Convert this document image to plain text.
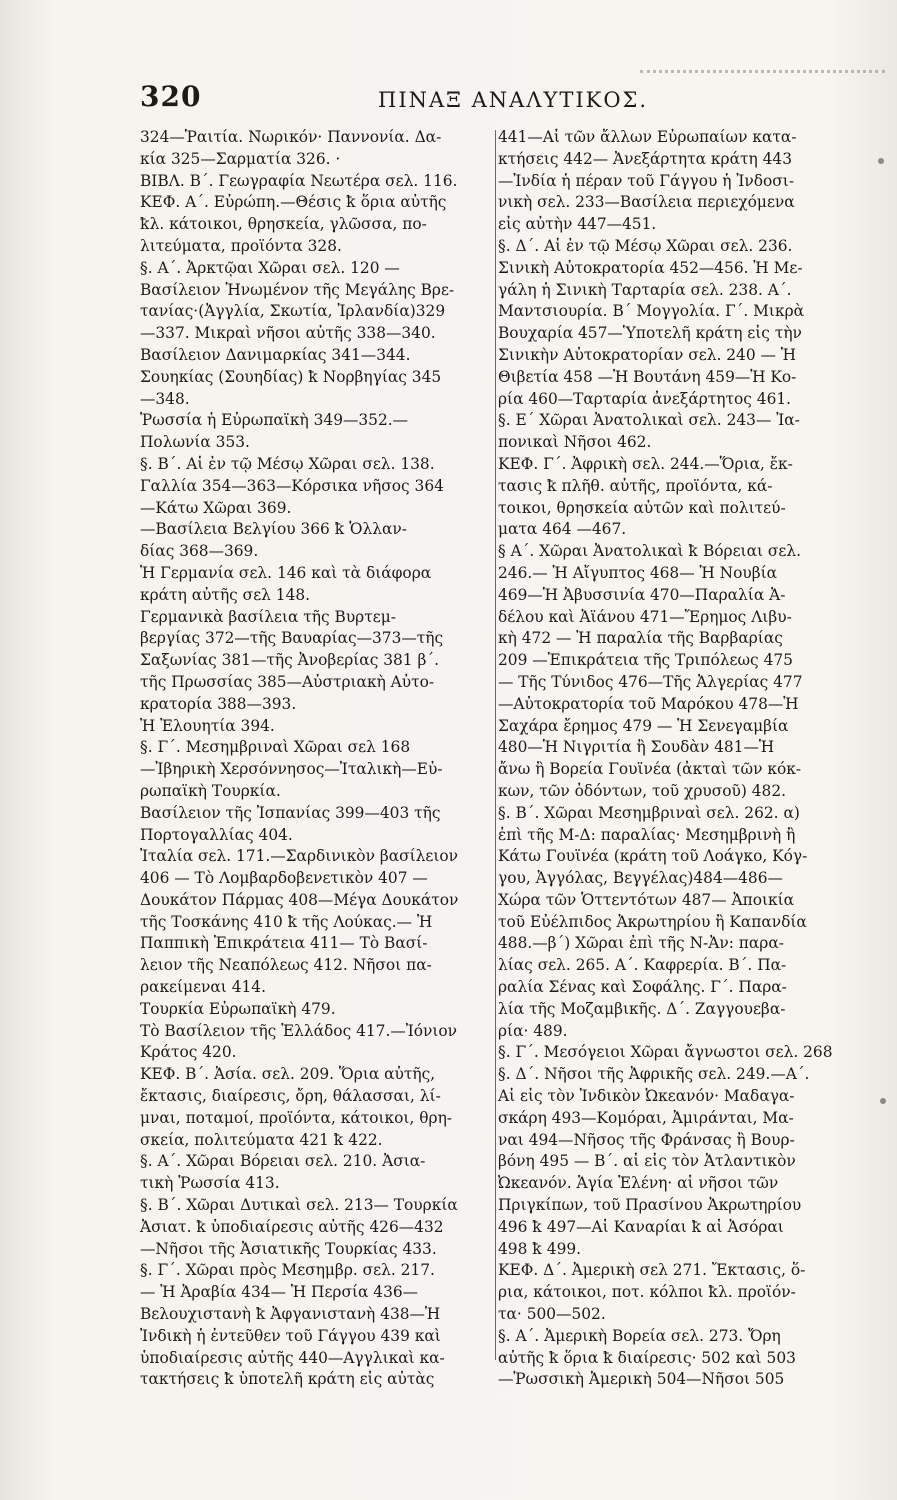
320	ΠΙΝΑΞ ΑΝΑΛΥΤΙΚΟΣ.
324—Ῥαιτία. Ν̄ωρικόν· Παννονία. Δα-
κία 325—Σαρματία 326. ·
ΒΙΒΛ. Β΄. Γεωγραφία Νεωτέρα σελ. 116.
ΚΕΦ. Α΄. Εὐρώπη.—Θέσις ꝁ ὅρια αὐτῆς
ꝁλ. κάτοικοι, θρησκεία, γλῶσσα, πο-
λιτεύματα, προϊόντα 328.
§. Α΄. Ἀρκτῷαι Χῶραι σελ. 120 —
Βασίλειον Ἡνωμένον τῆς Μεγάλης Βρε-
τανίας·(Ἀγγλία, Σκωτία, Ἰρλανδία)329
—337. Μικραὶ νῆσοι αὐτῆς 338—340.
Βασίλειον Δανιμαρκίας 341—344.
Σουηκίας (Σουηδίας) ꝁ Νορβηγίας 345
—348.
Ῥωσσία ἡ Εὐρωπαϊκὴ 349—352.—
Πολωνία 353.
§. Β΄. Αἱ ἐν τῷ Μέσῳ Χῶραι σελ. 138.
Γαλλία 354—363—Κόρσικα νῆσος 364
—Κάτω Χῶραι 369.
—Βασίλεια Βελγίου 366 ꝁ Ὁλλαν-
δίας 368—369.
Ἡ Γερμανία σελ. 146 καὶ τὰ διάφορα
κράτη αὐτῆς σελ 148.
Γερμανικὰ βασίλεια τῆς Βυρτεμ-
βεργίας 372—τῆς Βαυαρίας—373—τῆς
Σαξωνίας 381—τῆς Ἀνοβερίας 381 β΄.
τῆς Πρωσσίας 385—Αὐστριακὴ Αὐτο-
κρατορία 388—393.
Ἡ Ἑλουητία 394.
§. Γ΄. Μεσημβριναὶ Χῶραι σελ 168
—Ἰβηρικὴ Χερσόννησος—Ἰταλικὴ—Εὐ-
ρωπαϊκὴ Τουρκία.
Βασίλειον τῆς Ἰσπανίας 399—403 τῆς
Πορτογαλλίας 404.
Ἰταλία σελ. 171.—Σαρδινικὸν βασίλειον
406 — Τὸ Λομβαρδοβενετικὸν 407 —
Δουκάτον Πάρμας 408—Μέγα Δουκάτον
τῆς Τοσκάνης 410 ꝁ τῆς Λούκας.— Ἡ
Παππικὴ Ἐπικράτεια 411— Τὸ Βασί-
λειον τῆς Νεαπόλεως 412. Νῆσοι πα-
ρακείμεναι 414.
Τουρκία Εὐρωπαϊκὴ 479.
Τὸ Βασίλειον τῆς Ἑλλάδος 417.—Ἰόνιον
Κράτος 420.
ΚΕΦ. Β΄. Ἀσία. σελ. 209. Ὅρια αὐτῆς,
ἔκτασις, διαίρεσις, ὄρη, θάλασσαι, λί-
μναι, ποταμοί, προϊόντα, κάτοικοι, θρη-
σκεία, πολιτεύματα 421 ꝁ 422.
§. Α΄. Χῶραι Βόρειαι σελ. 210. Ἀσια-
τικὴ Ῥωσσία 413.
§. Β΄. Χῶραι Δυτικαὶ σελ. 213— Τουρκία
Ἀσιατ. ꝁ ὑποδιαίρεσις αὐτῆς 426—432
—Νῆσοι τῆς Ἀσιατικῆς Τουρκίας 433.
§. Γ΄. Χῶραι πρὸς Μεσημβρ. σελ. 217.
— Ἡ Ἀραβία 434— Ἡ Περσία 436—
Βελουχιστανὴ ꝁ Ἀφγανιστανὴ 438—Ἡ
Ἰνδικὴ ἡ ἐντεῦθεν τοῦ Γάγγου 439 καὶ
ὑποδιαίρεσις αὐτῆς 440—Αγγλικαὶ κα-
τακτήσεις ꝁ ὑποτελῆ κράτη εἰς αὐτὰς
441—Αἱ τῶν ἄλλων Εὐρωπαίων κατα-
κτήσεις 442— Ἀνεξάρτητα κράτη 443
—Ἰνδία ἡ πέραν τοῦ Γάγγου ἡ Ἰνδοσι-
νικὴ σελ. 233—Βασίλεια περιεχόμενα
εἰς αὐτὴν 447—451.
§. Δ΄. Αἱ ἐν τῷ Μέσῳ Χῶραι σελ. 236.
Σινικὴ Αὐτοκρατορία 452—456. Ἡ Με-
γάλη ἡ Σινικὴ Ταρταρία σελ. 238. Α΄.
Μαντσιουρία. Β΄ Μογγολία. Γ΄. Μικρὰ
Βουχαρία 457—Ὑποτελῆ κράτη εἰς τὴν
Σινικὴν Αὐτοκρατορίαν σελ. 240 — Ἡ
Θιβετία 458 —Ἡ Βουτάνη 459—Ἡ Κο-
ρία 460—Ταρταρία ἀνεξάρτητος 461.
§. Ε΄ Χῶραι Ἀνατολικαὶ σελ. 243— Ἰα-
πονικαὶ Νῆσοι 462.
ΚΕΦ. Γ΄. Ἀφρικὴ σελ. 244.—Ὅρια, ἔκ-
τασις ꝁ πλῆθ. αὐτῆς, προϊόντα, κά-
τοικοι, θρησκεία αὐτῶν καὶ πολιτεύ-
ματα 464 —467.
§ Α΄. Χῶραι Ἀνατολικαὶ ꝁ Βόρειαι σελ.
246.— Ἡ Αἴγυπτος 468— Ἡ Νουβία
469—Ἡ Ἀβυσσινία 470—Παραλία Ἀ-
δέλου καὶ Ἀϊάνου 471—Ἔρημος Λιβυ-
κὴ 472 — Ἡ παραλία τῆς Βαρβαρίας
209 —Ἐπικράτεια τῆς Τριπόλεως 475
— Τῆς Τύνιδος 476—Τῆς Ἀλγερίας 477
—Αὐτοκρατορία τοῦ Μαρόκου 478—Ἡ
Σαχάρα ἔρημος 479 — Ἡ Σενεγαμβία
480—Ἡ Νιγριτία ἢ Σουδὰν 481—Ἡ
ἄνω ἢ Βορεία Γουϊνέα (ἀκταὶ τῶν κόκ-
κων, τῶν ὀδόντων, τοῦ χρυσοῦ) 482.
§. Β΄. Χῶραι Μεσημβριναὶ σελ. 262. α)
ἐπὶ τῆς Μ-Δ: παραλίας· Μεσημβρινὴ ἢ
Κάτω Γουϊνέα (κράτη τοῦ Λοάγκο, Κόγ-
γου, Ἀγγόλας, Βεγγέλας)484—486—
Χώρα τῶν Ὁττεντότων 487— Ἀποικία
τοῦ Εὐέλπιδος Ἀκρωτηρίου ἢ Καπανδία
488.—β΄) Χῶραι ἐπὶ τῆς Ν-Ἀν: παρα-
λίας σελ. 265. Α΄. Καφρερία. Β΄. Πα-
ραλία Σένας καὶ Σοφάλης. Γ΄. Παρα-
λία τῆς Μοζαμβικῆς. Δ΄. Ζαγγουεβα-
ρία· 489.
§. Γ΄. Μεσόγειοι Χῶραι ἄγνωστοι σελ. 268
§. Δ΄. Νῆσοι τῆς Ἀφρικῆς σελ. 249.—Α΄.
Αἱ εἰς τὸν Ἰνδικὸν Ὠκεανόν· Μαδαγα-
σκάρη 493—Κομόραι, Ἀμιράνται, Μα-
ναι 494—Νῆσος τῆς Φράνσας ἢ Βουρ-
βόνη 495 — Β΄. αἱ εἰς τὸν Ἀτλαντικὸν
Ὠκεανόν. Ἁγία Ἑλένη· αἱ νῆσοι τῶν
Πριγκίπων, τοῦ Πρασίνου Ἀκρωτηρίου
496 ꝁ 497—Αἱ Καναρίαι ꝁ αἱ Ἀσόραι
498 ꝁ 499.
ΚΕΦ. Δ΄. Ἀμερικὴ σελ 271. Ἔκτασις, ὅ-
ρια, κάτοικοι, ποτ. κόλποι ꝁλ. προϊόν-
τα· 500—502.
§. Α΄. Ἀμερικὴ Βορεία σελ. 273. Ὄρη
αὐτῆς ꝁ ὅρια ꝁ διαίρεσις· 502 καὶ 503
—Ῥωσσικὴ Ἀμερικὴ 504—Νῆσοι 505
